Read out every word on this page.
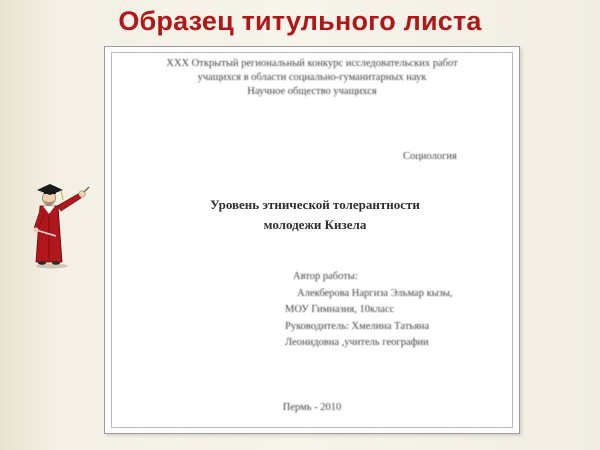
Образец титульного листа
XXX Открытый региональный конкурс исследовательских работ
учащихся в области социально-гуманитарных наук
Научное общество учащихся
Социология
Уровень этнической толерантности
молодежи Кизела
Автор работы:
Алекберова Наргиза Эльмар кызы,
МОУ Гимназия, 10класс
Руководитель: Хмелина Татьяна
Леонидовна ,учитель географии
Пермь - 2010
